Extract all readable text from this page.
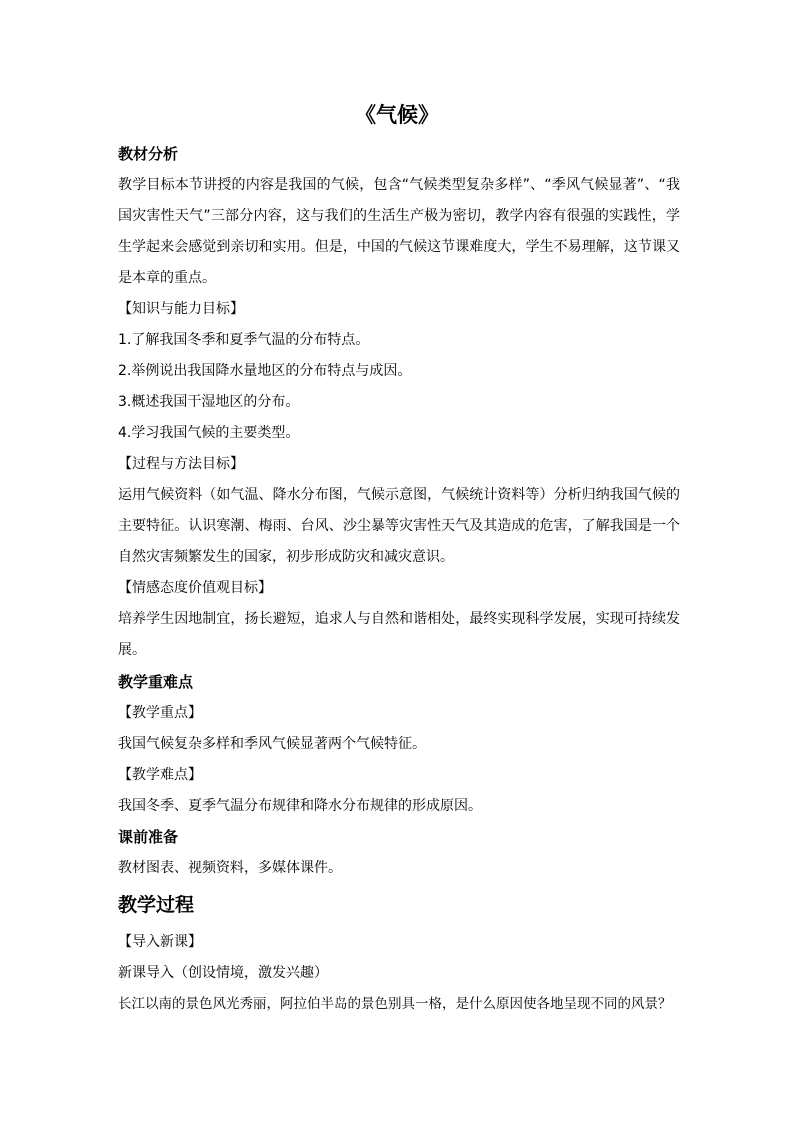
《气候》
教材分析
教学目标本节讲授的内容是我国的气候，包含“气候类型复杂多样”、“季风气候显著”、“我国灾害性天气”三部分内容，这与我们的生活生产极为密切，教学内容有很强的实践性，学生学起来会感觉到亲切和实用。但是，中国的气候这节课难度大，学生不易理解，这节课又是本章的重点。
【知识与能力目标】
1.了解我国冬季和夏季气温的分布特点。
2.举例说出我国降水量地区的分布特点与成因。
3.概述我国干湿地区的分布。
4.学习我国气候的主要类型。
【过程与方法目标】
运用气候资料（如气温、降水分布图，气候示意图，气候统计资料等）分析归纳我国气候的主要特征。认识寒潮、梅雨、台风、沙尘暴等灾害性天气及其造成的危害，了解我国是一个自然灾害频繁发生的国家，初步形成防灾和减灾意识。
【情感态度价值观目标】
培养学生因地制宜，扬长避短，追求人与自然和谐相处，最终实现科学发展，实现可持续发展。
教学重难点
【教学重点】
我国气候复杂多样和季风气候显著两个气候特征。
【教学难点】
我国冬季、夏季气温分布规律和降水分布规律的形成原因。
课前准备
教材图表、视频资料，多媒体课件。
教学过程
【导入新课】
新课导入（创设情境，激发兴趣）
长江以南的景色风光秀丽，阿拉伯半岛的景色别具一格，是什么原因使各地呈现不同的风景？
